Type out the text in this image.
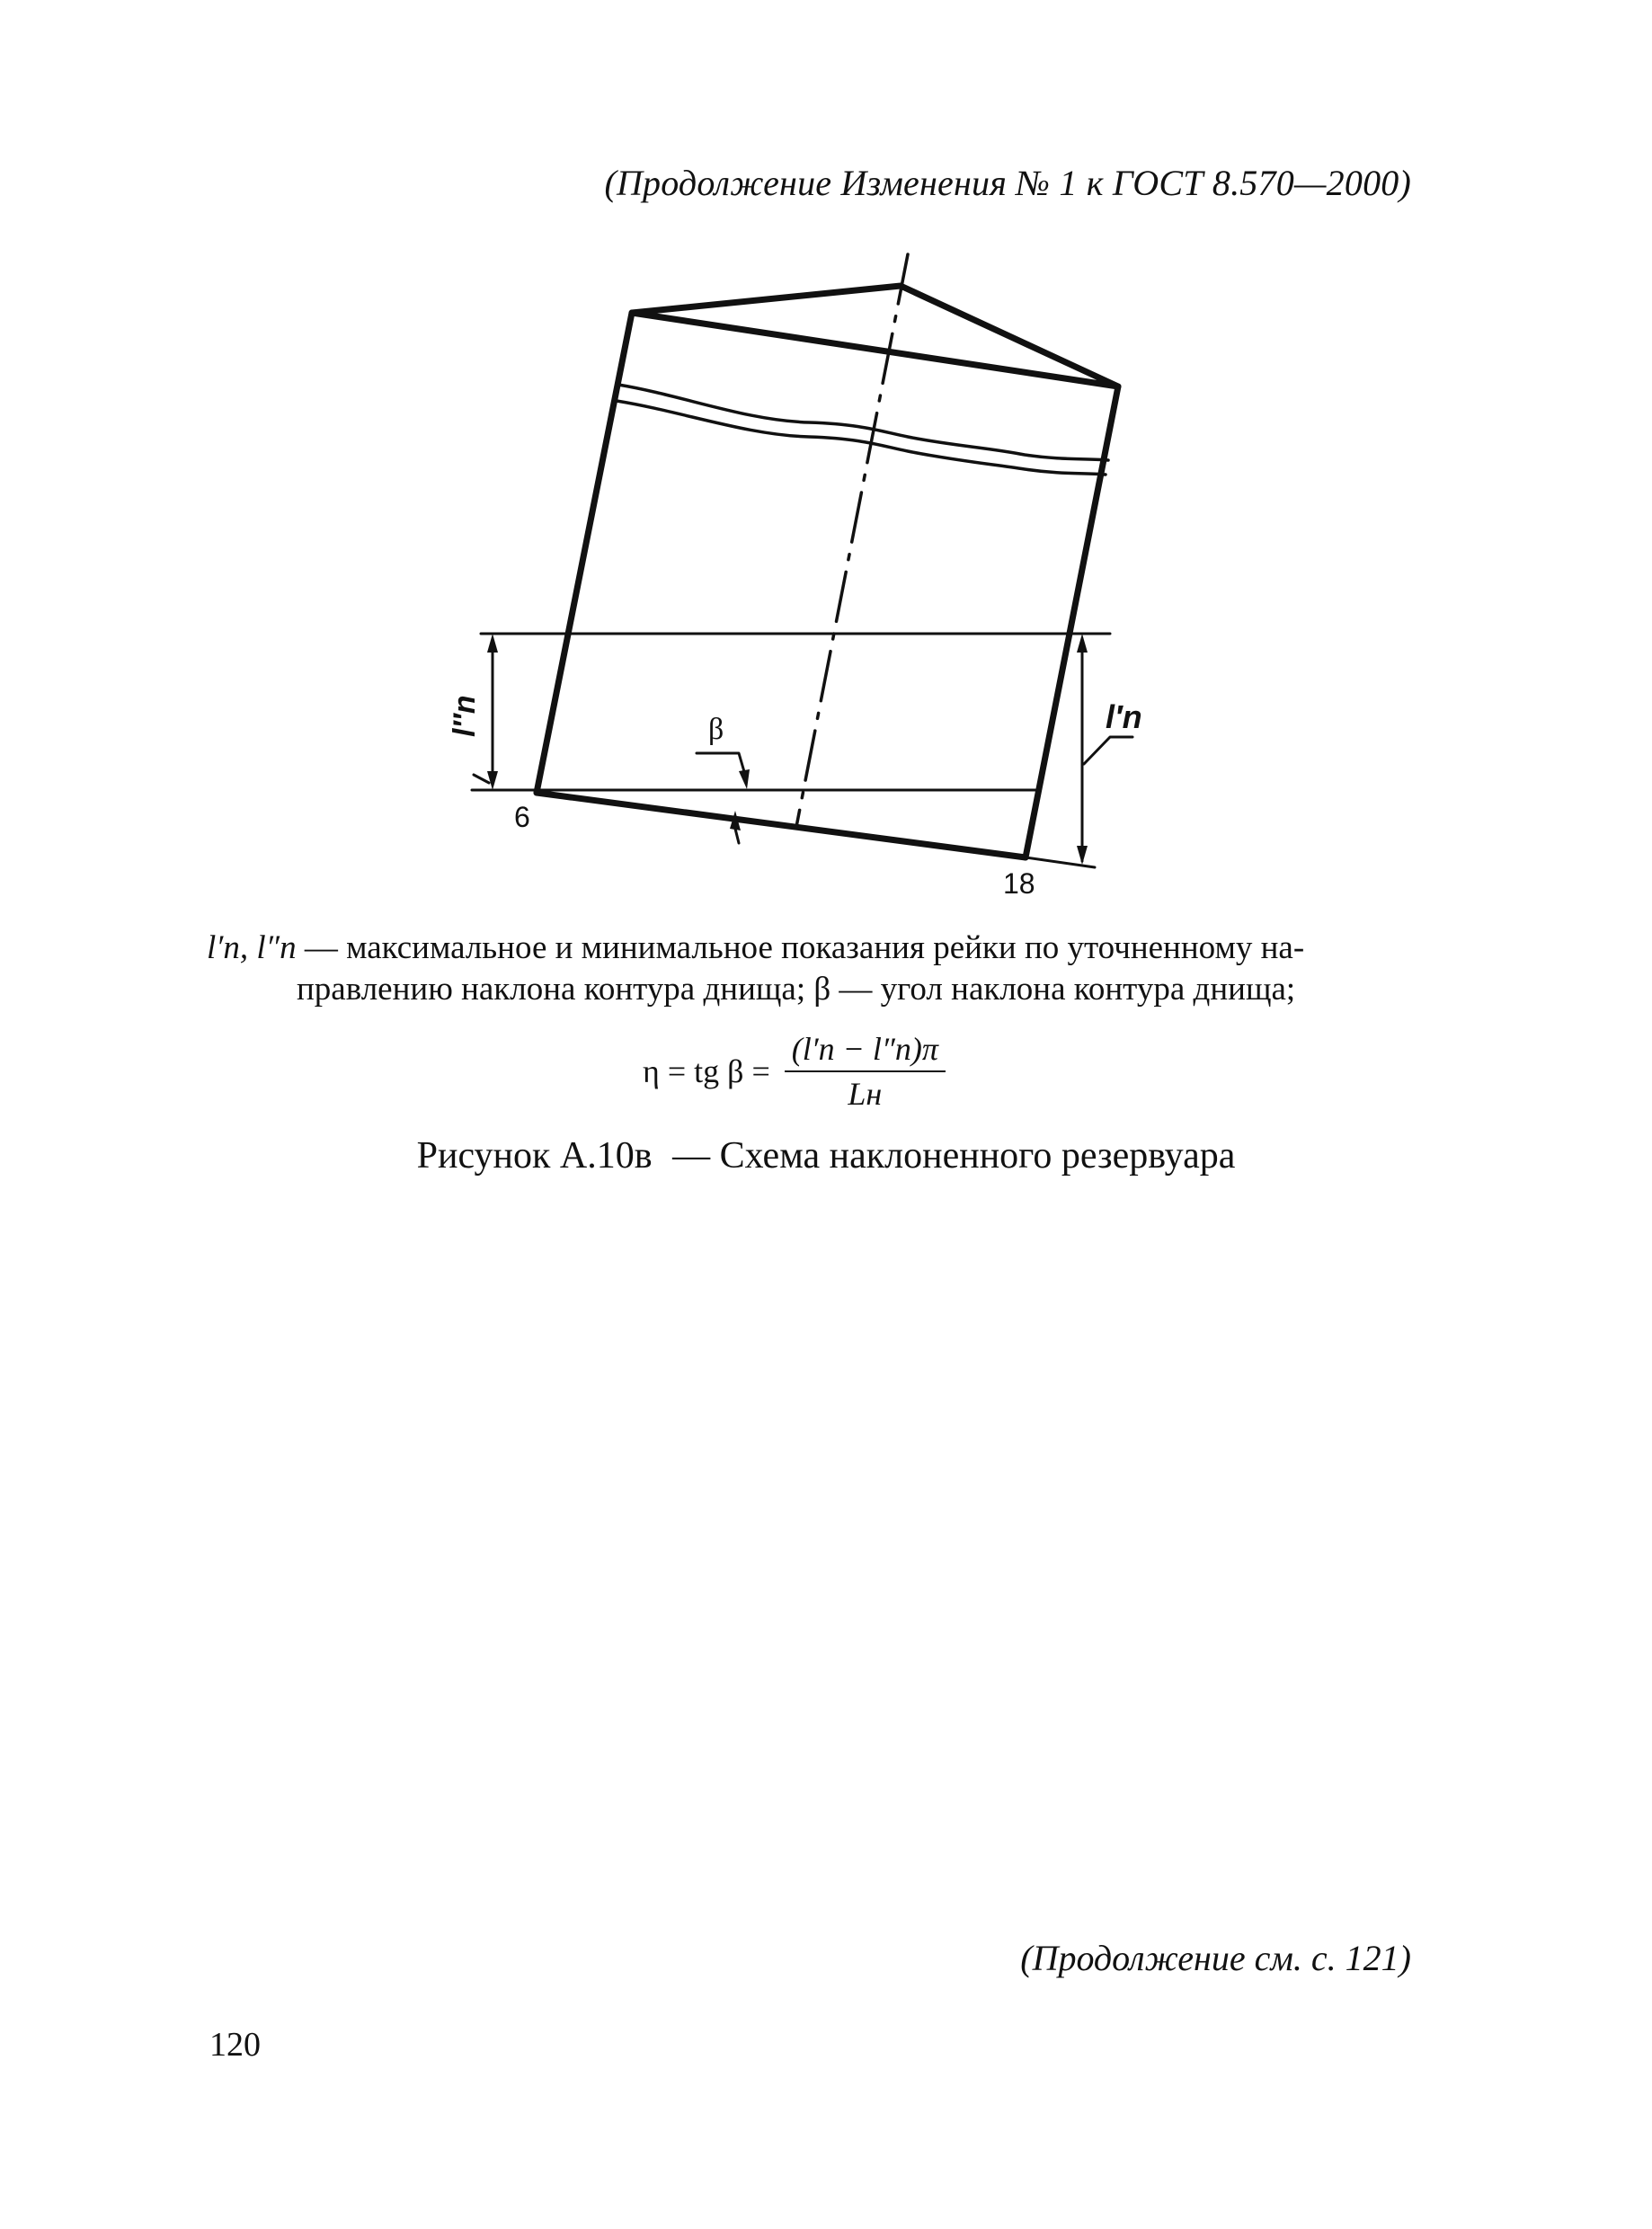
(Продолжение Изменения № 1 к ГОСТ 8.570—2000)
β
6
18
l″n	l′n
l′n, l″n — максимальное и минимальное показания рейки по уточненному на-
правлению наклона контура днища; β — угол наклона контура днища;
η = tg $\beta = \frac{(l'n - l''n)\pi}{Lн}$
Рисунок А.10в — Схема наклоненного резервуара
(Продолжение см. с. 121)
120
